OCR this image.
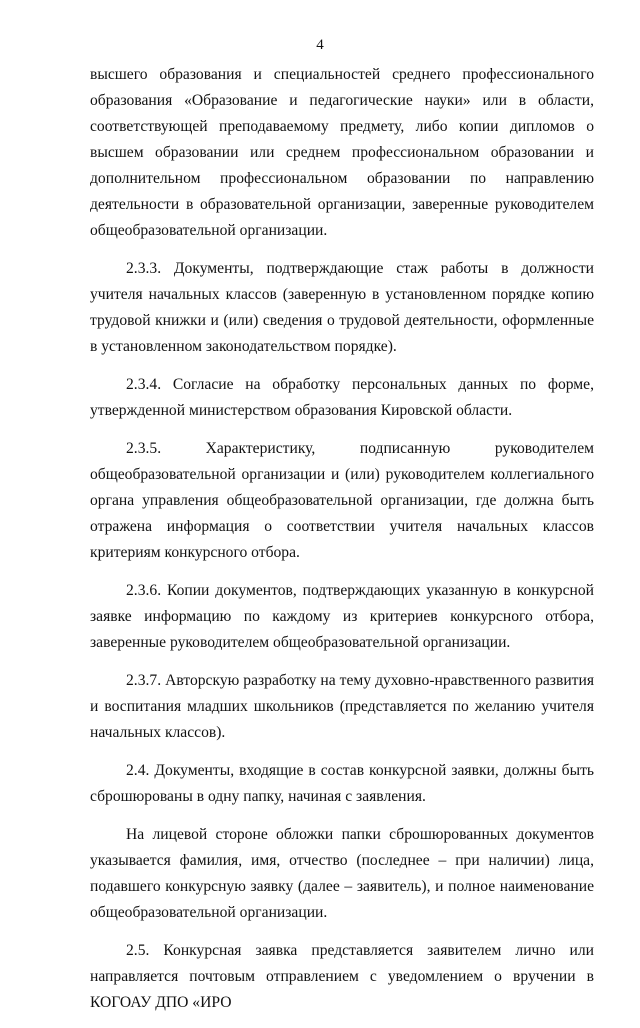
4

высшего образования и специальностей среднего профессионального образования «Образование и педагогические науки» или в области, соответствующей преподаваемому предмету, либо копии дипломов о высшем образовании или среднем профессиональном образовании и дополнительном профессиональном образовании по направлению деятельности в образовательной организации, заверенные руководителем общеобразовательной организации.

2.3.3. Документы, подтверждающие стаж работы в должности учителя начальных классов (заверенную в установленном порядке копию трудовой книжки и (или) сведения о трудовой деятельности, оформленные в установленном законодательством порядке).

2.3.4. Согласие на обработку персональных данных по форме, утвержденной министерством образования Кировской области.

2.3.5. Характеристику, подписанную руководителем общеобразовательной организации и (или) руководителем коллегиального органа управления общеобразовательной организации, где должна быть отражена информация о соответствии учителя начальных классов критериям конкурсного отбора.

2.3.6. Копии документов, подтверждающих указанную в конкурсной заявке информацию по каждому из критериев конкурсного отбора, заверенные руководителем общеобразовательной организации.

2.3.7. Авторскую разработку на тему духовно-нравственного развития и воспитания младших школьников (представляется по желанию учителя начальных классов).

2.4. Документы, входящие в состав конкурсной заявки, должны быть сброшюрованы в одну папку, начиная с заявления.

На лицевой стороне обложки папки сброшюрованных документов указывается фамилия, имя, отчество (последнее – при наличии) лица, подавшего конкурсную заявку (далее – заявитель), и полное наименование общеобразовательной организации.

2.5. Конкурсная заявка представляется заявителем лично или направляется почтовым отправлением с уведомлением о вручении в КОГОАУ ДПО «ИРО
